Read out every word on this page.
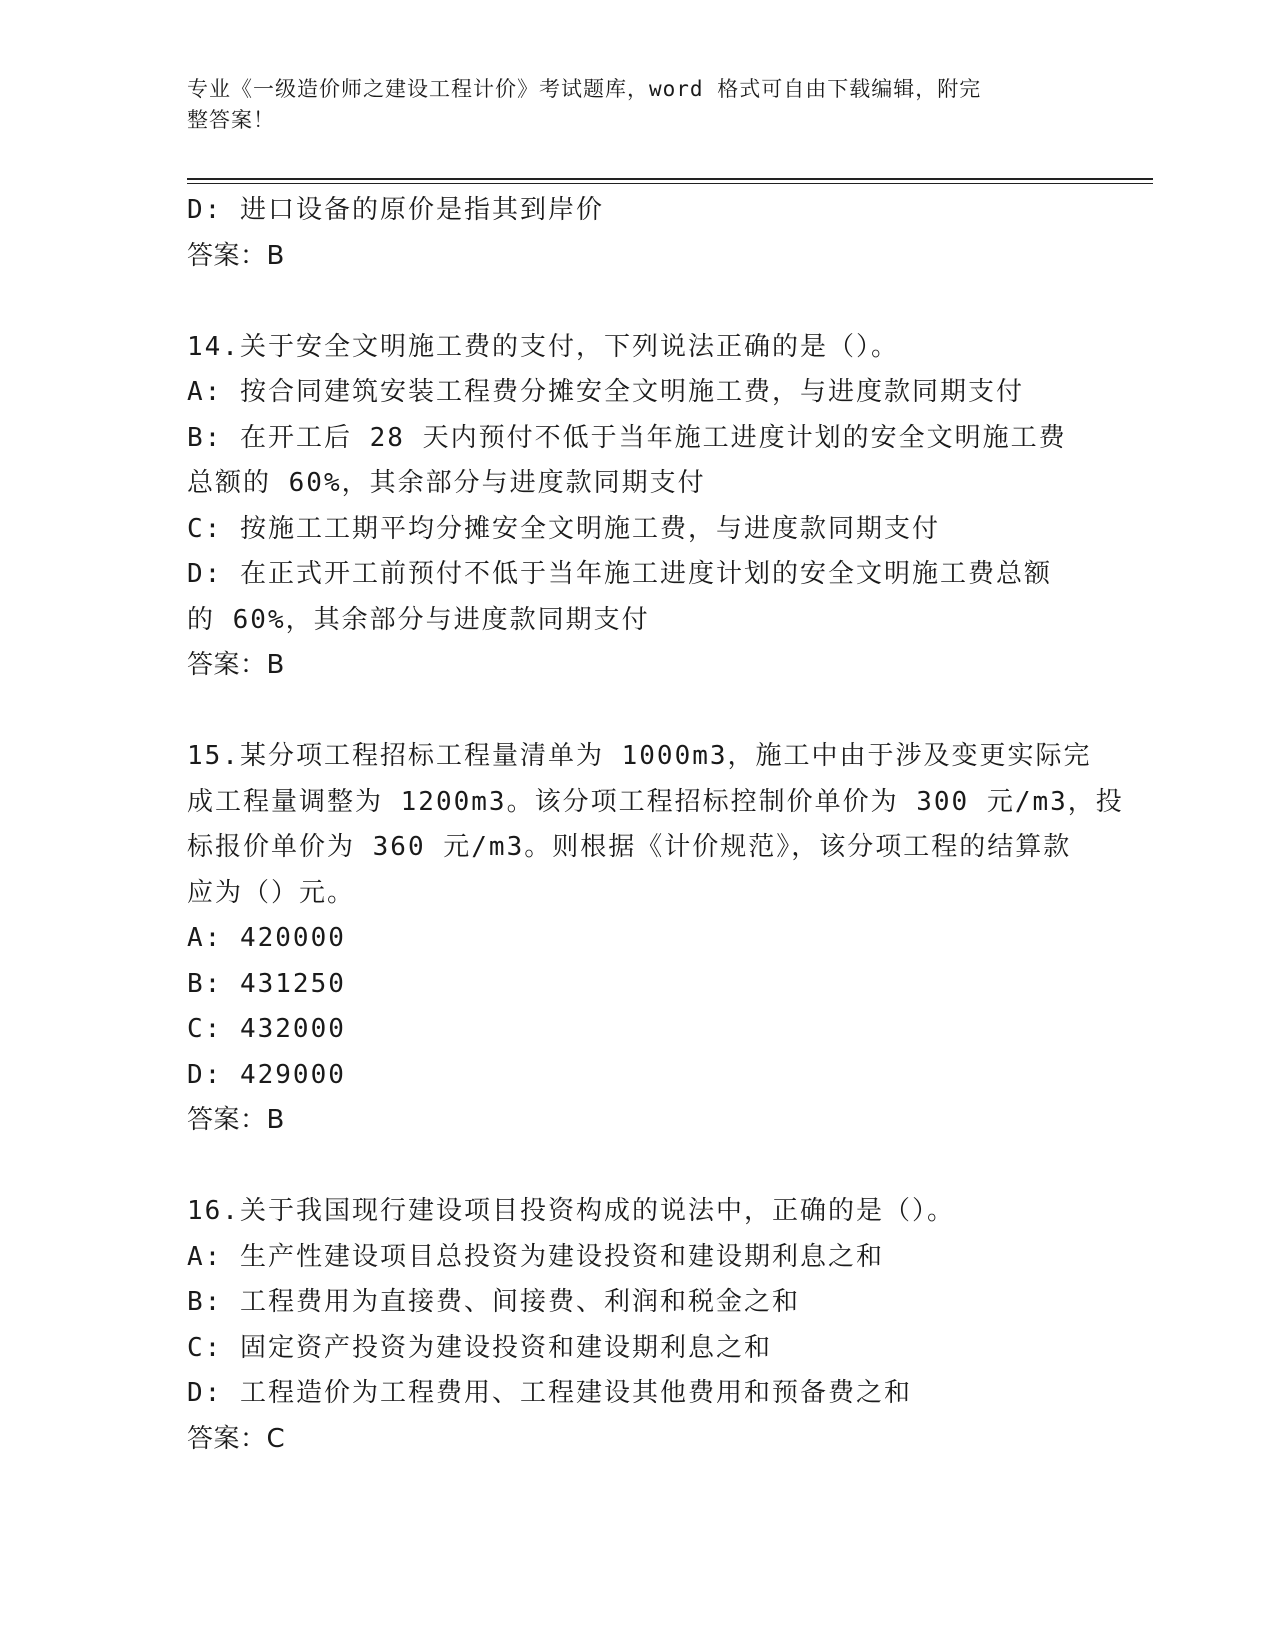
专业《一级造价师之建设工程计价》考试题库，word 格式可自由下载编辑，附完
整答案！
D: 进口设备的原价是指其到岸价
答案：B
14.关于安全文明施工费的支付，下列说法正确的是（）。
A: 按合同建筑安装工程费分摊安全文明施工费，与进度款同期支付
B: 在开工后 28 天内预付不低于当年施工进度计划的安全文明施工费
总额的 60%，其余部分与进度款同期支付
C: 按施工工期平均分摊安全文明施工费，与进度款同期支付
D: 在正式开工前预付不低于当年施工进度计划的安全文明施工费总额
的 60%，其余部分与进度款同期支付
答案：B
15.某分项工程招标工程量清单为 1000m3，施工中由于涉及变更实际完
成工程量调整为 1200m3。该分项工程招标控制价单价为 300 元/m3，投
标报价单价为 360 元/m3。则根据《计价规范》，该分项工程的结算款
应为（）元。
A: 420000
B: 431250
C: 432000
D: 429000
答案：B
16.关于我国现行建设项目投资构成的说法中，正确的是（）。
A: 生产性建设项目总投资为建设投资和建设期利息之和
B: 工程费用为直接费、间接费、利润和税金之和
C: 固定资产投资为建设投资和建设期利息之和
D: 工程造价为工程费用、工程建设其他费用和预备费之和
答案：C
